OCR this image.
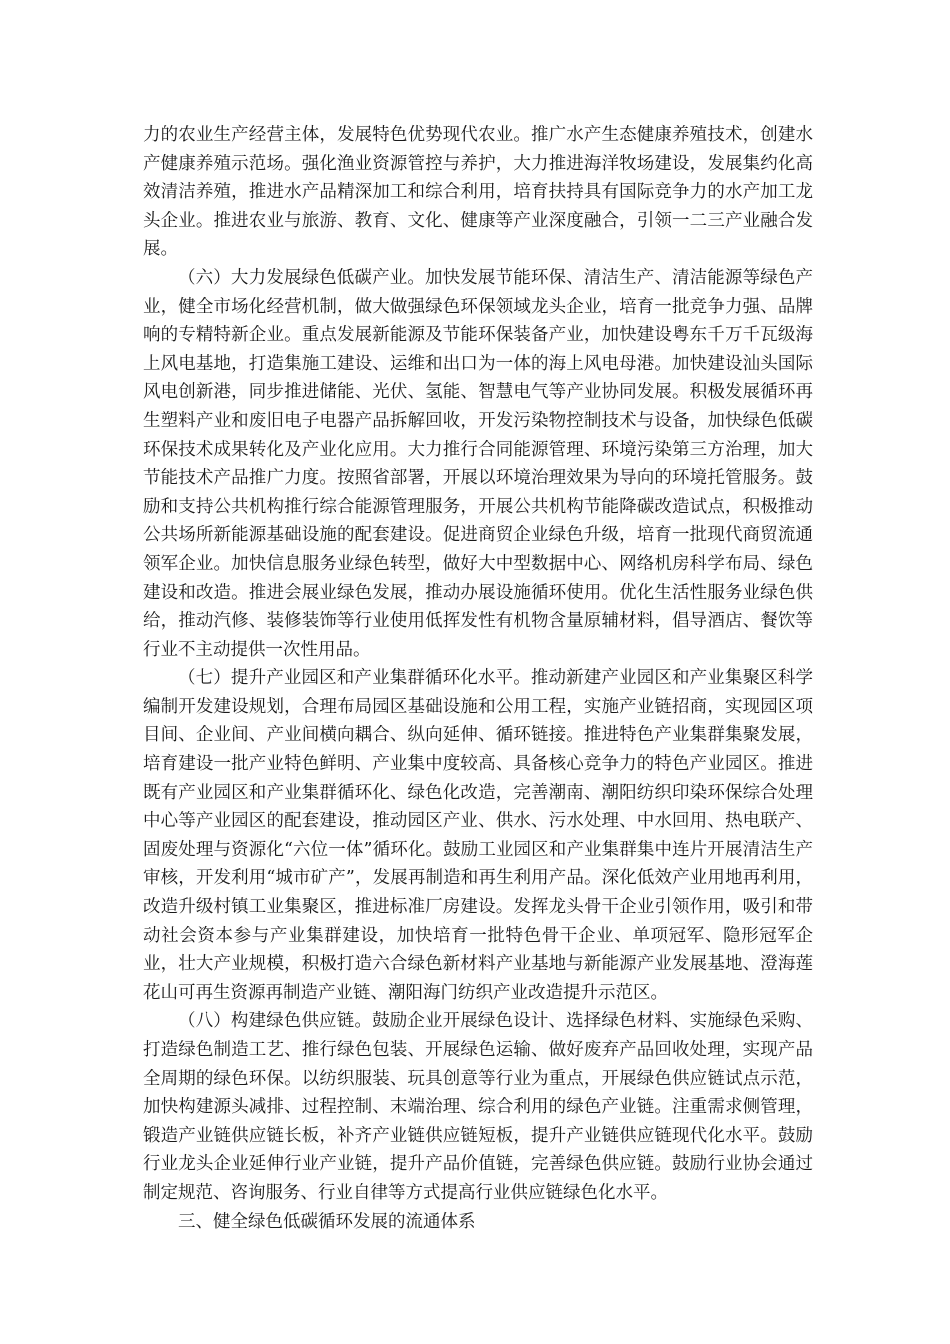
力的农业生产经营主体，发展特色优势现代农业。推广水产生态健康养殖技术，创建水产健康养殖示范场。强化渔业资源管控与养护，大力推进海洋牧场建设，发展集约化高效清洁养殖，推进水产品精深加工和综合利用，培育扶持具有国际竞争力的水产加工龙头企业。推进农业与旅游、教育、文化、健康等产业深度融合，引领一二三产业融合发展。

（六）大力发展绿色低碳产业。加快发展节能环保、清洁生产、清洁能源等绿色产业，健全市场化经营机制，做大做强绿色环保领域龙头企业，培育一批竞争力强、品牌响的专精特新企业。重点发展新能源及节能环保装备产业，加快建设粤东千万千瓦级海上风电基地，打造集施工建设、运维和出口为一体的海上风电母港。加快建设汕头国际风电创新港，同步推进储能、光伏、氢能、智慧电气等产业协同发展。积极发展循环再生塑料产业和废旧电子电器产品拆解回收，开发污染物控制技术与设备，加快绿色低碳环保技术成果转化及产业化应用。大力推行合同能源管理、环境污染第三方治理，加大节能技术产品推广力度。按照省部署，开展以环境治理效果为导向的环境托管服务。鼓励和支持公共机构推行综合能源管理服务，开展公共机构节能降碳改造试点，积极推动公共场所新能源基础设施的配套建设。促进商贸企业绿色升级，培育一批现代商贸流通领军企业。加快信息服务业绿色转型，做好大中型数据中心、网络机房科学布局、绿色建设和改造。推进会展业绿色发展，推动办展设施循环使用。优化生活性服务业绿色供给，推动汽修、装修装饰等行业使用低挥发性有机物含量原辅材料，倡导酒店、餐饮等行业不主动提供一次性用品。

（七）提升产业园区和产业集群循环化水平。推动新建产业园区和产业集聚区科学编制开发建设规划，合理布局园区基础设施和公用工程，实施产业链招商，实现园区项目间、企业间、产业间横向耦合、纵向延伸、循环链接。推进特色产业集群集聚发展，培育建设一批产业特色鲜明、产业集中度较高、具备核心竞争力的特色产业园区。推进既有产业园区和产业集群循环化、绿色化改造，完善潮南、潮阳纺织印染环保综合处理中心等产业园区的配套建设，推动园区产业、供水、污水处理、中水回用、热电联产、固废处理与资源化“六位一体”循环化。鼓励工业园区和产业集群集中连片开展清洁生产审核，开发利用“城市矿产”，发展再制造和再生利用产品。深化低效产业用地再利用，改造升级村镇工业集聚区，推进标准厂房建设。发挥龙头骨干企业引领作用，吸引和带动社会资本参与产业集群建设，加快培育一批特色骨干企业、单项冠军、隐形冠军企业，壮大产业规模，积极打造六合绿色新材料产业基地与新能源产业发展基地、澄海莲花山可再生资源再制造产业链、潮阳海门纺织产业改造提升示范区。

（八）构建绿色供应链。鼓励企业开展绿色设计、选择绿色材料、实施绿色采购、打造绿色制造工艺、推行绿色包装、开展绿色运输、做好废弃产品回收处理，实现产品全周期的绿色环保。以纺织服装、玩具创意等行业为重点，开展绿色供应链试点示范，加快构建源头减排、过程控制、末端治理、综合利用的绿色产业链。注重需求侧管理，锻造产业链供应链长板，补齐产业链供应链短板，提升产业链供应链现代化水平。鼓励行业龙头企业延伸行业产业链，提升产品价值链，完善绿色供应链。鼓励行业协会通过制定规范、咨询服务、行业自律等方式提高行业供应链绿色化水平。

三、健全绿色低碳循环发展的流通体系
